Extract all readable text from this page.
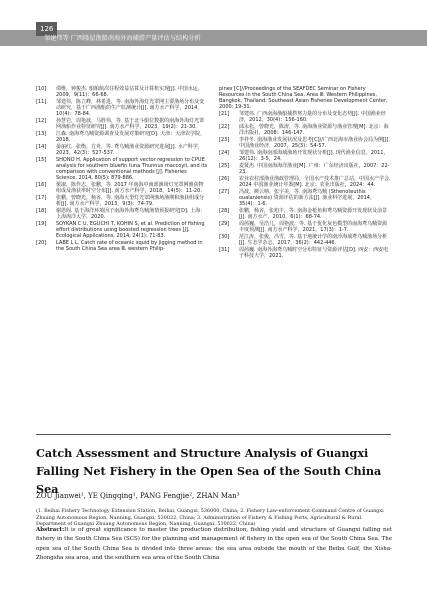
126
邹建伟等 广西隆屋渔船南海外海捕捞产量评估与结构分析
[10] 谭维，钟俊杰. 船舶航次往程效益估算及计算机实现[J]. 中国水运，2009，9(11)：66-68.
[11] 邹建伟，陈立峰，林希进，等. 南海外海灯光罩网主要渔场分布及变动研究，基于广西渔船的生产监测统计[J]. 南方水产科学，2014，10(4)：78-84.
[12] 孙慧岩，周艳波，马胜伟，等. 基于北斗船位数据的南海外海灯光罩网渔船作业特征研究[J]. 南方水产科学，2023，19(2)：21-30.
[13] 江森. 南海鸢乌贼资源调查及发展对策研究[D]. 天津：天津农学院，2018.
[14] 晏丽红，张衡，方舟，等. 鸢乌贼渔业资源研究进展[J]. 水产科学，2023，42(3)：527-537.
[15] SHONO H. Application of support vector regression to CPUE analysis for southern bluefin tuna Thunnus maccoyii, and its comparison with conventional methods [J]. Fisheries Science, 2014, 80(5): 879-886.
[16] 栗淑，陈作志，张鹏，等. 2017 年南海中南部渔场灯光罩网渔获物组成及渔获率时空分布[J]. 南方水产科学，2018，14(5)：11-20.
[17] 张鹏，曾晓光，杨吝，等. 南海大型灯光罩网渔场渔期和渔获组成分析[J]. 南方水产科学，2013，9(3)：74-79.
[18] 谢恩阁. 基于海洋环境因子南海外海鸢乌贼渔情预报研究[D]. 上海：上海海洋大学，2020.
[19] SOYKAN C U, EGUCHI T, KOHIN S, et al. Prediction of fishing effort distributions using boosted regression trees [J]. Ecological Applications, 2014, 24(1): 71-83.
[20] LABE L L. Catch rate of oceanic squid by jigging method in the South China Sea area Ⅲ, western Philip-
pines [C]//Proceedings of the SEAFDEC Seminar on Fishery Resources in the South China Sea, Area Ⅲ: Western Philippines, Bangkok, Thailand: Southeast Asian Fisheries Development Center, 2000: 19-31.
[21] 邹建伟. 广西南海渔船捕捞努力量的分布及变化态势[J]. 中国渔业经济，2012，30(4)：156-160.
[22] 邱永松，曾晓光，陈涛，等. 南海渔业资源与渔业管理[M]. 北京：海洋出版社，2008：146-147.
[23] 李祥冬. 南海渔业发展状况及思考[C]//广西北海市渔业协会局为例[J]. 中国渔业经济，2007，25(3)：54-57.
[24] 邹建伟. 南海南部海域渔场开发现状分析[J]. 现代渔业信息，2011，26(12)：3-5，24.
[25] 麦贤杰. 中国南海海洋渔业[M]. 广州：广东经济出版社，2007：22-23.
[26] 农业农村部渔业渔政管理局，全国水产技术推广总站，中国水产学会. 2024 中国渔业统计年鉴[M]. 北京：农业出版社，2024：44.
[27] 冯波，颜云榕，张宇美，等. 南海鸢乌贼 (Sthenoteuthis oualaniensis) 资源评估的新方法[J]. 渔业科学进展，2014，35(4)：1-6.
[28] 张鹏，杨吝，张旭丰，等. 南海金枪鱼和鸢乌贼资源开发现状及前景[J]. 南方水产，2010，6(1)：68-74.
[29] 周茜巍，吴浩儿，周艳波，等. 基于优化灰色模型的南海鸢乌贼资源丰度预测[J]. 南方水产科学，2021，17(3)：1-7.
[30] 范江涛，张俊，冯雪，等. 基于地统计学的南沙海域鸢乌贼渔场分析[J]. 生态学杂志，2017，36(2)：442-446.
[31] 周茜巍. 南海外海鸢乌贼时空分布特征与资源评估[D]. 西安：西安电子科技大学，2021.
Catch Assessment and Structure Analysis of Guangxi Falling Net Fishery in the Open Sea of the South China Sea
ZOU Jianwei¹, YE Qingqing¹, PANG Fengjie², ZHAN Man³
(1. Beihai Fishery Technology Extension Station, Beihai, Guangxi, 536000, China; 2. Fishery Law-enforcement Command Centre of Guangxi Zhuang Autonomous Region, Nanning, Guangxi, 530022, China; 3. Administration of Fishery & Fishing Ports, Agricultural & Rural Department of Guangxi Zhuang Autonomous Region, Nanning, Guangxi, 530022, China)
Abstract:It is of great significance to master the production distribution, fishing yield and structure of Guangxi falling net fishery in the South China Sea (SCS) for the planning and management of fishery in the open sea of the South China Sea. The open sea of the South China Sea is divided into three areas: the sea area outside the mouth of the Beibu Gulf, the Xisha-Zhongsha sea area, and the southern sea area of the South China
